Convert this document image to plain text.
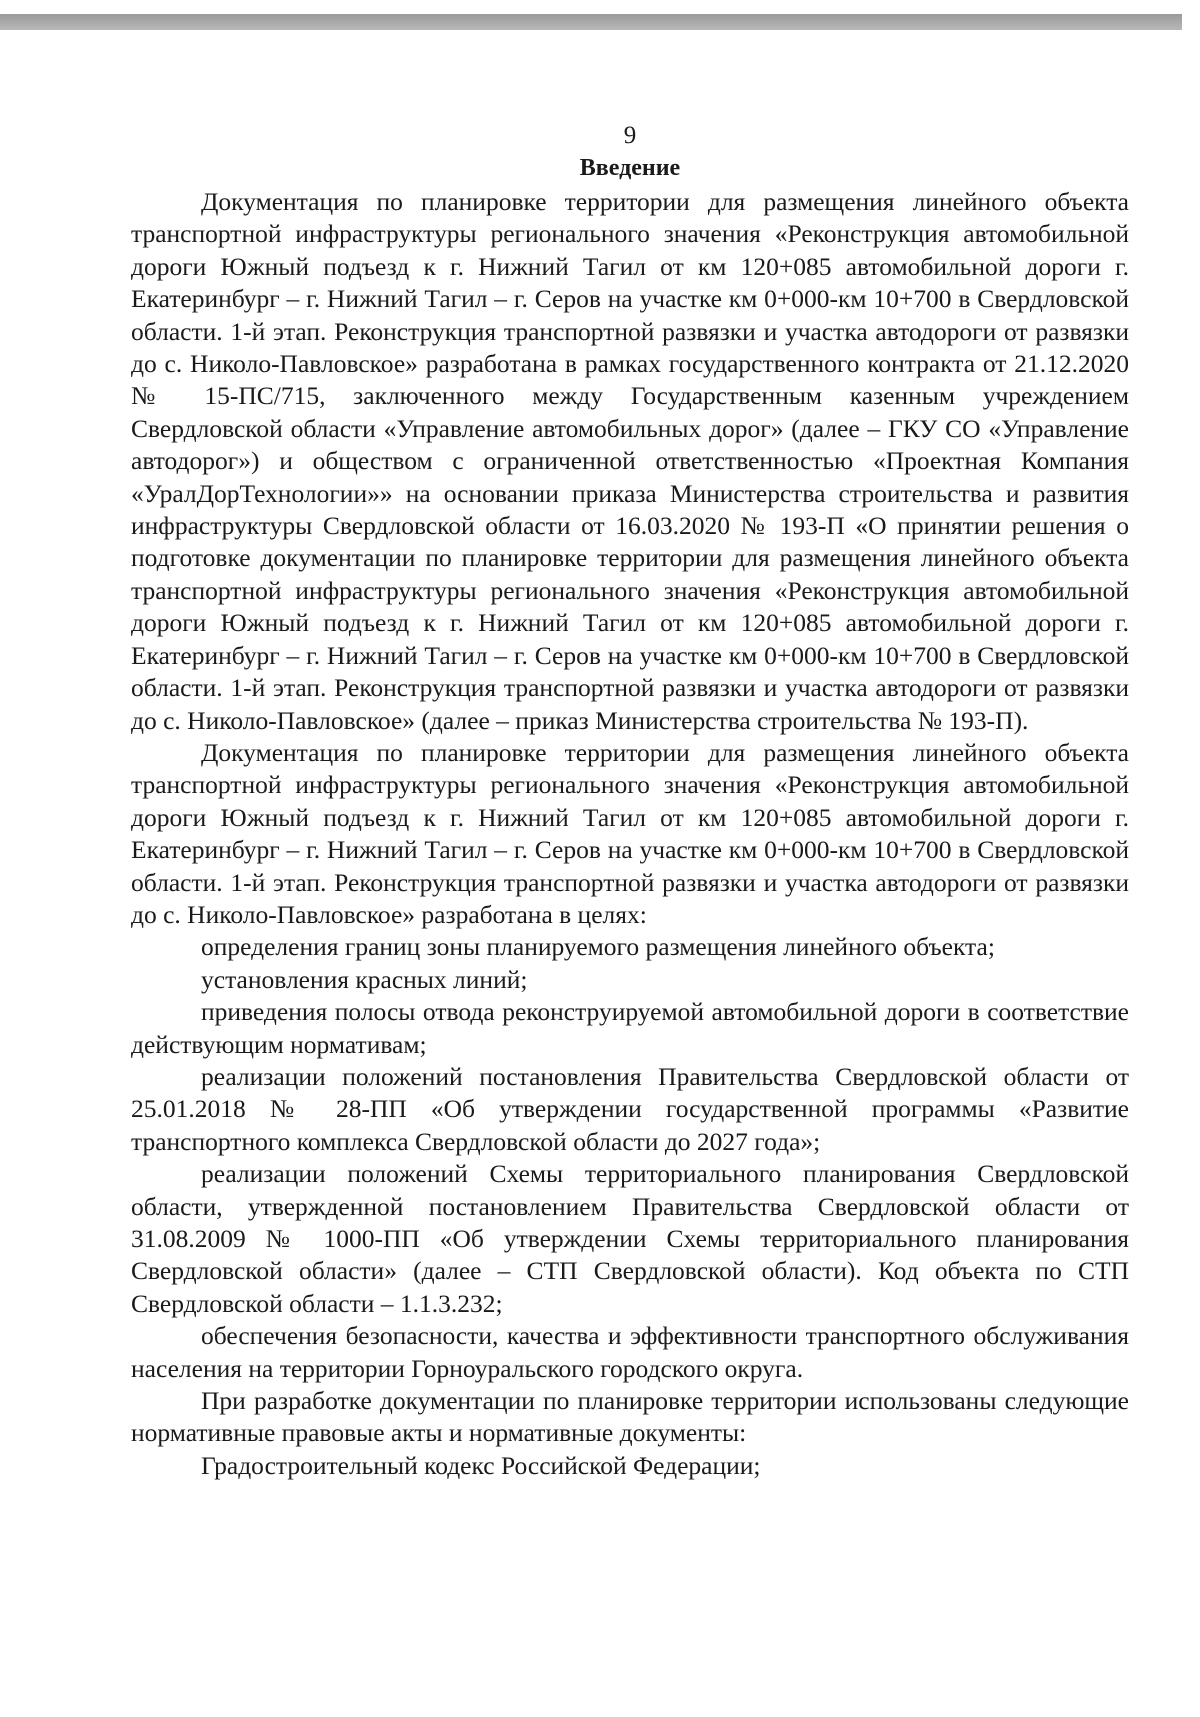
9

Введение

Документация по планировке территории для размещения линейного объекта транспортной инфраструктуры регионального значения «Реконструкция автомобильной дороги Южный подъезд к г. Нижний Тагил от км 120+085 автомобильной дороги г. Екатеринбург – г. Нижний Тагил – г. Серов на участке км 0+000-км 10+700 в Свердловской области. 1-й этап. Реконструкция транспортной развязки и участка автодороги от развязки до с. Николо-Павловское» разработана в рамках государственного контракта от 21.12.2020 № 15-ПС/715, заключенного между Государственным казенным учреждением Свердловской области «Управление автомобильных дорог» (далее – ГКУ СО «Управление автодорог») и обществом с ограниченной ответственностью «Проектная Компания «УралДорТехнологии»» на основании приказа Министерства строительства и развития инфраструктуры Свердловской области от 16.03.2020 № 193-П «О принятии решения о подготовке документации по планировке территории для размещения линейного объекта транспортной инфраструктуры регионального значения «Реконструкция автомобильной дороги Южный подъезд к г. Нижний Тагил от км 120+085 автомобильной дороги г. Екатеринбург – г. Нижний Тагил – г. Серов на участке км 0+000-км 10+700 в Свердловской области. 1-й этап. Реконструкция транспортной развязки и участка автодороги от развязки до с. Николо-Павловское» (далее – приказ Министерства строительства № 193-П).

Документация по планировке территории для размещения линейного объекта транспортной инфраструктуры регионального значения «Реконструкция автомобильной дороги Южный подъезд к г. Нижний Тагил от км 120+085 автомобильной дороги г. Екатеринбург – г. Нижний Тагил – г. Серов на участке км 0+000-км 10+700 в Свердловской области. 1-й этап. Реконструкция транспортной развязки и участка автодороги от развязки до с. Николо-Павловское» разработана в целях:

определения границ зоны планируемого размещения линейного объекта;

установления красных линий;

приведения полосы отвода реконструируемой автомобильной дороги в соответствие действующим нормативам;

реализации положений постановления Правительства Свердловской области от 25.01.2018 № 28-ПП «Об утверждении государственной программы «Развитие транспортного комплекса Свердловской области до 2027 года»;

реализации положений Схемы территориального планирования Свердловской области, утвержденной постановлением Правительства Свердловской области от 31.08.2009 № 1000-ПП «Об утверждении Схемы территориального планирования Свердловской области» (далее – СТП Свердловской области). Код объекта по СТП Свердловской области – 1.1.3.232;

обеспечения безопасности, качества и эффективности транспортного обслуживания населения на территории Горноуральского городского округа.

При разработке документации по планировке территории использованы следующие нормативные правовые акты и нормативные документы:

Градостроительный кодекс Российской Федерации;
